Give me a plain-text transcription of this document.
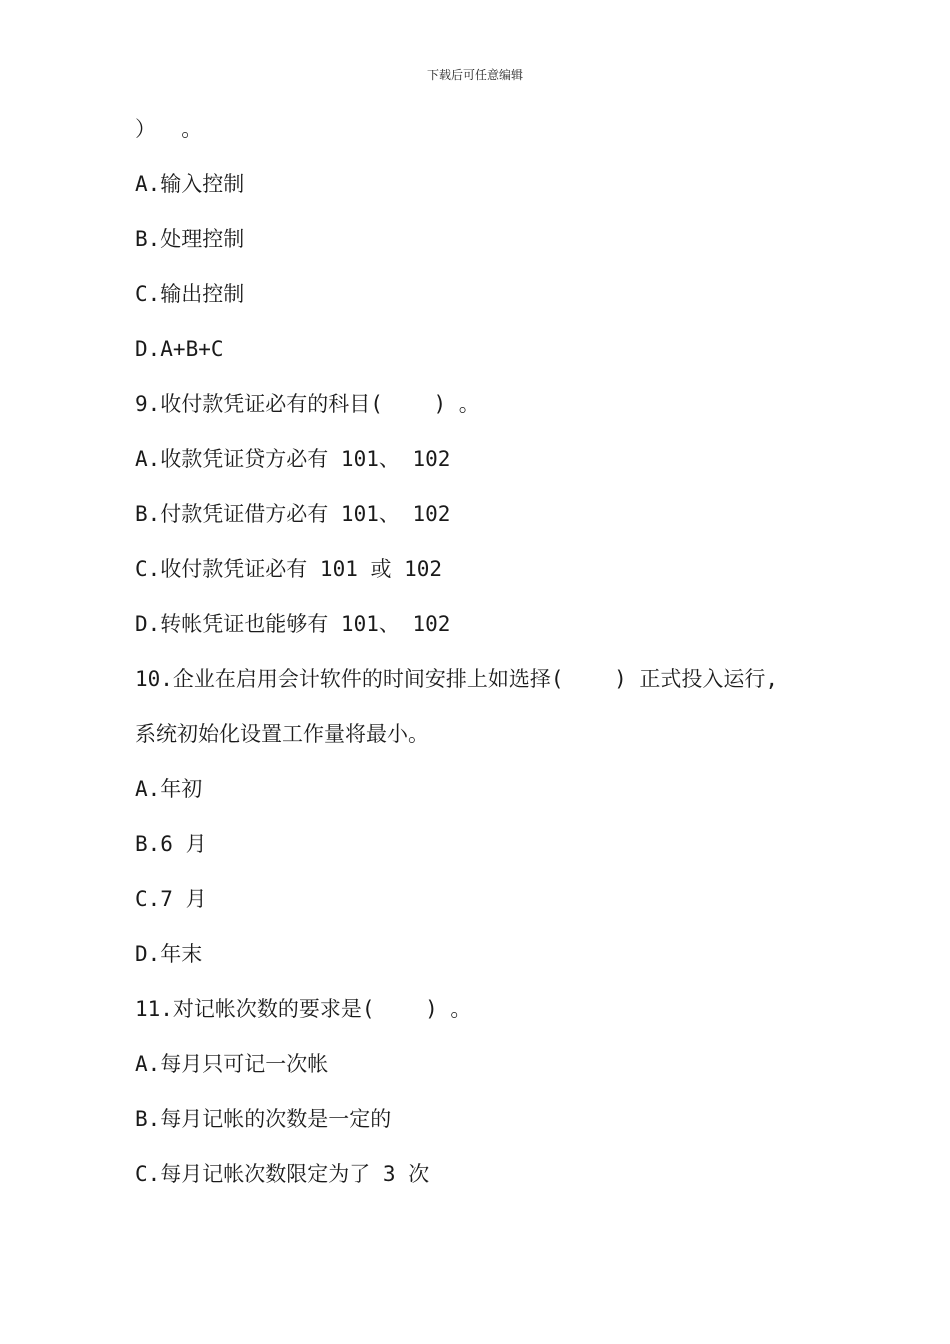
下载后可任意编辑
）  。
A.输入控制
B.处理控制
C.输出控制
D.A+B+C
9.收付款凭证必有的科目(    ) 。
A.收款凭证贷方必有 101、 102
B.付款凭证借方必有 101、 102
C.收付款凭证必有 101 或 102
D.转帐凭证也能够有 101、 102
10.企业在启用会计软件的时间安排上如选择(    ) 正式投入运行,
系统初始化设置工作量将最小。
A.年初
B.6 月
C.7 月
D.年末
11.对记帐次数的要求是(    ) 。
A.每月只可记一次帐
B.每月记帐的次数是一定的
C.每月记帐次数限定为了 3 次
